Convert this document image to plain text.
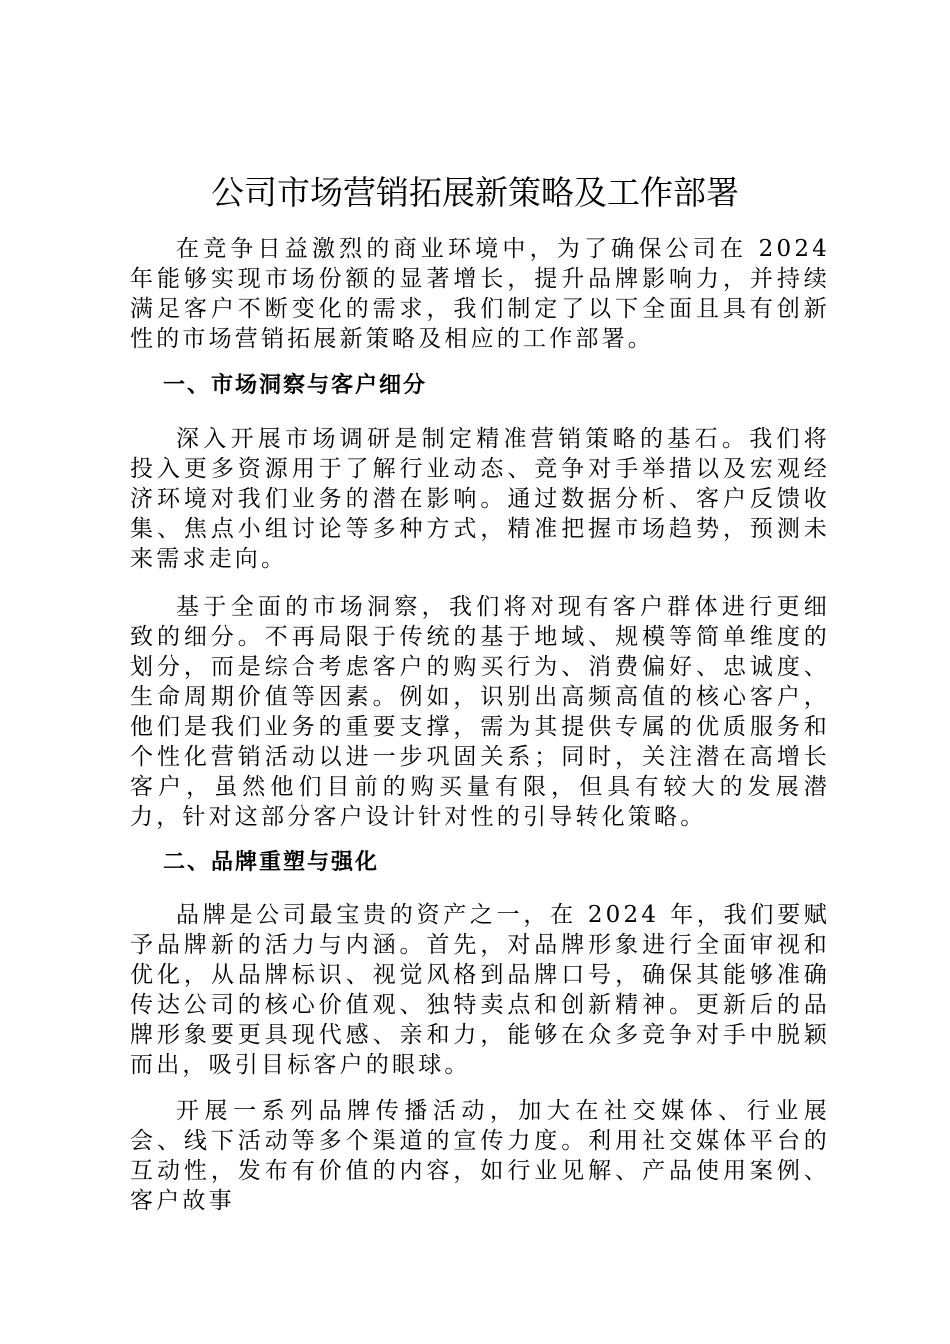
公司市场营销拓展新策略及工作部署

在竞争日益激烈的商业环境中，为了确保公司在 2024 年能够实现市场份额的显著增长，提升品牌影响力，并持续满足客户不断变化的需求，我们制定了以下全面且具有创新性的市场营销拓展新策略及相应的工作部署。

一、市场洞察与客户细分

深入开展市场调研是制定精准营销策略的基石。我们将投入更多资源用于了解行业动态、竞争对手举措以及宏观经济环境对我们业务的潜在影响。通过数据分析、客户反馈收集、焦点小组讨论等多种方式，精准把握市场趋势，预测未来需求走向。

基于全面的市场洞察，我们将对现有客户群体进行更细致的细分。不再局限于传统的基于地域、规模等简单维度的划分，而是综合考虑客户的购买行为、消费偏好、忠诚度、生命周期价值等因素。例如，识别出高频高值的核心客户，他们是我们业务的重要支撑，需为其提供专属的优质服务和个性化营销活动以进一步巩固关系；同时，关注潜在高增长客户，虽然他们目前的购买量有限，但具有较大的发展潜力，针对这部分客户设计针对性的引导转化策略。

二、品牌重塑与强化

品牌是公司最宝贵的资产之一，在 2024 年，我们要赋予品牌新的活力与内涵。首先，对品牌形象进行全面审视和优化，从品牌标识、视觉风格到品牌口号，确保其能够准确传达公司的核心价值观、独特卖点和创新精神。更新后的品牌形象要更具现代感、亲和力，能够在众多竞争对手中脱颖而出，吸引目标客户的眼球。

开展一系列品牌传播活动，加大在社交媒体、行业展会、线下活动等多个渠道的宣传力度。利用社交媒体平台的互动性，发布有价值的内容，如行业见解、产品使用案例、客户故事
